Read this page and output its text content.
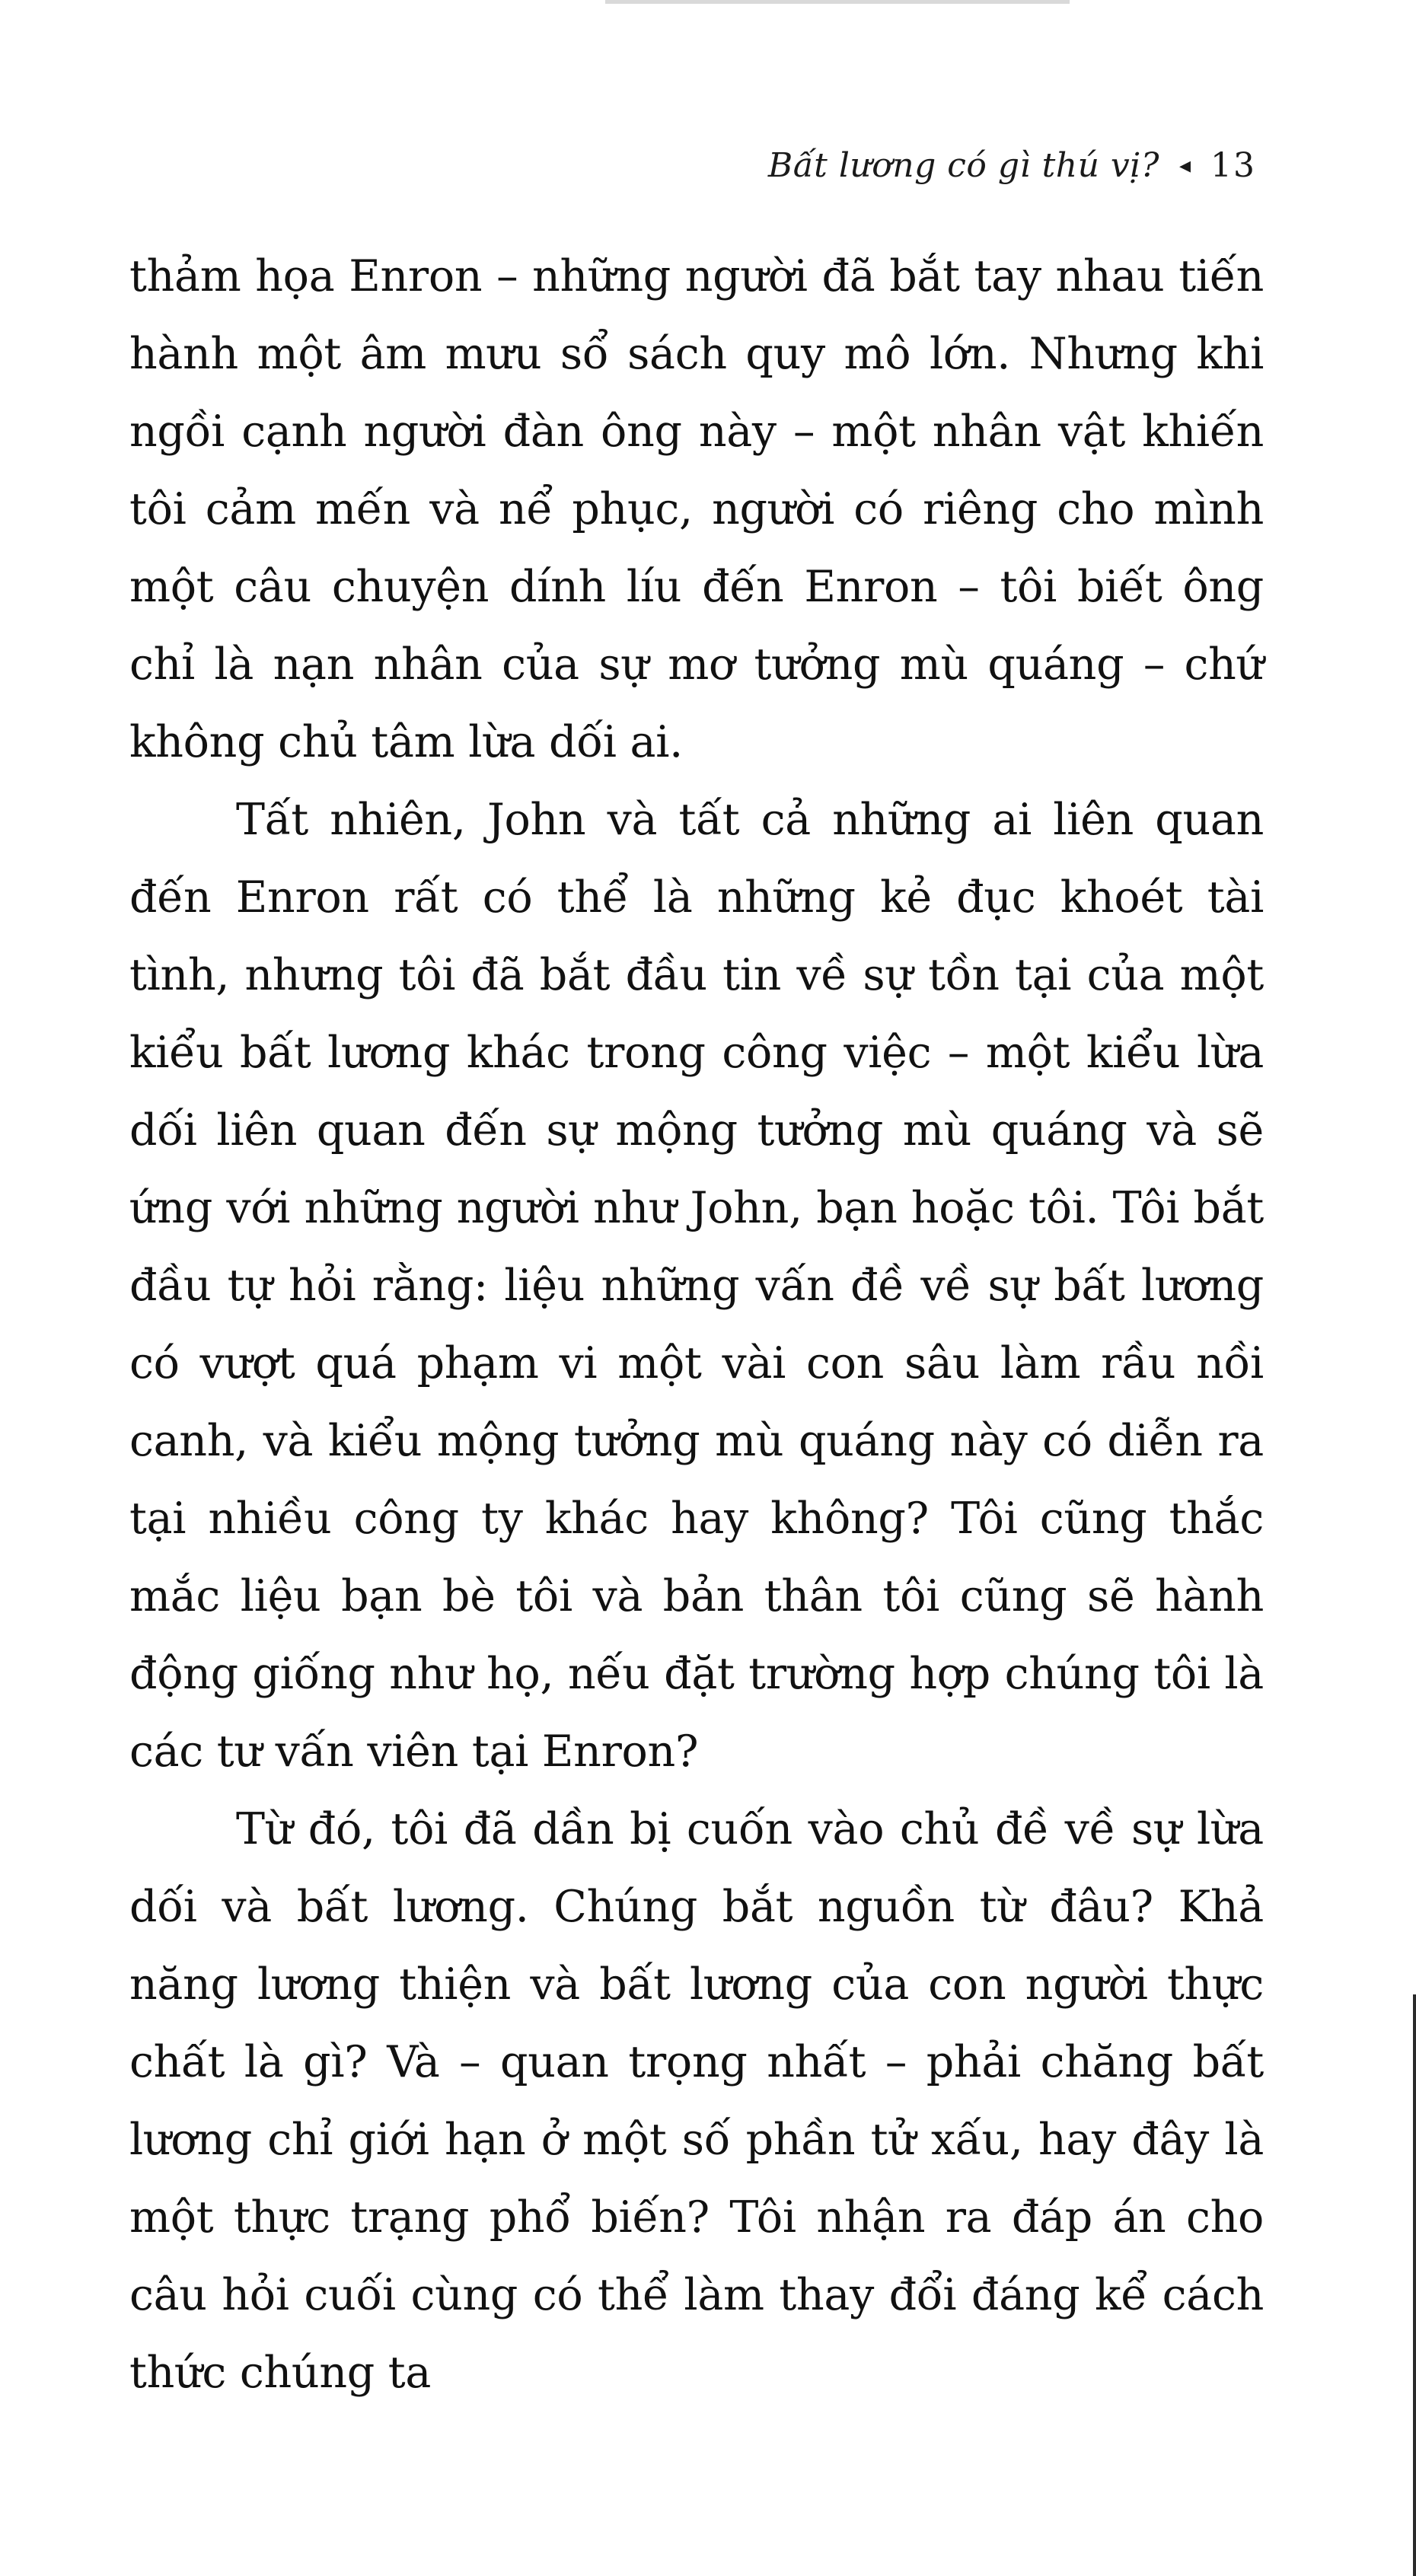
Bất lương có gì thú vị? ◂ 13

thảm họa Enron – những người đã bắt tay nhau tiến hành một âm mưu sổ sách quy mô lớn. Nhưng khi ngồi cạnh người đàn ông này – một nhân vật khiến tôi cảm mến và nể phục, người có riêng cho mình một câu chuyện dính líu đến Enron – tôi biết ông chỉ là nạn nhân của sự mơ tưởng mù quáng – chứ không chủ tâm lừa dối ai.

Tất nhiên, John và tất cả những ai liên quan đến Enron rất có thể là những kẻ đục khoét tài tình, nhưng tôi đã bắt đầu tin về sự tồn tại của một kiểu bất lương khác trong công việc – một kiểu lừa dối liên quan đến sự mộng tưởng mù quáng và sẽ ứng với những người như John, bạn hoặc tôi. Tôi bắt đầu tự hỏi rằng: liệu những vấn đề về sự bất lương có vượt quá phạm vi một vài con sâu làm rầu nồi canh, và kiểu mộng tưởng mù quáng này có diễn ra tại nhiều công ty khác hay không? Tôi cũng thắc mắc liệu bạn bè tôi và bản thân tôi cũng sẽ hành động giống như họ, nếu đặt trường hợp chúng tôi là các tư vấn viên tại Enron?

Từ đó, tôi đã dần bị cuốn vào chủ đề về sự lừa dối và bất lương. Chúng bắt nguồn từ đâu? Khả năng lương thiện và bất lương của con người thực chất là gì? Và – quan trọng nhất – phải chăng bất lương chỉ giới hạn ở một số phần tử xấu, hay đây là một thực trạng phổ biến? Tôi nhận ra đáp án cho câu hỏi cuối cùng có thể làm thay đổi đáng kể cách thức chúng ta
